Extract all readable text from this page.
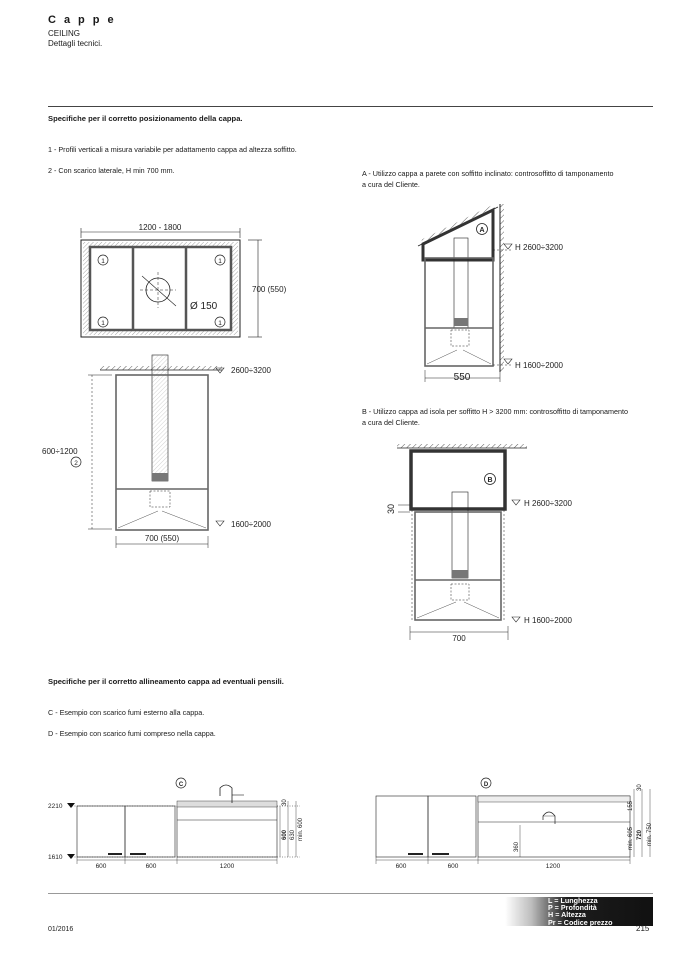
Cappe
CEILING
Dettagli tecnici.
Specifiche per il corretto posizionamento della cappa.
1 - Profili verticali a misura variabile per adattamento cappa ad altezza soffitto.
2 - Con scarico laterale, H min 700 mm.	A - Utilizzo cappa a parete con soffitto inclinato: controsoffitto di tamponamento
a cura del Cliente.
B - Utilizzo cappa ad isola per soffitto H > 3200 mm: controsoffitto di tamponamento
a cura del Cliente.
1200 - 1800
700 (550)
Ø 150
1	1
1	1
2600÷3200
600÷1200
2
1600÷2000
700 (550)
A
H 2600÷3200
H 1600÷2000
550
B
30
H 2600÷3200
H 1600÷2000
700
C
2210
1610
600	600	1200
30
600 630 min. 600
D
600	600	1200
30
155
min. 605 720 min. 750
360
Specifiche per il corretto allineamento cappa ad eventuali pensili.
C - Esempio con scarico fumi esterno alla cappa.
D - Esempio con scarico fumi compreso nella cappa.
L = Lunghezza
P = Profondità
H = Altezza
Pr = Codice prezzo
01/2016	215
